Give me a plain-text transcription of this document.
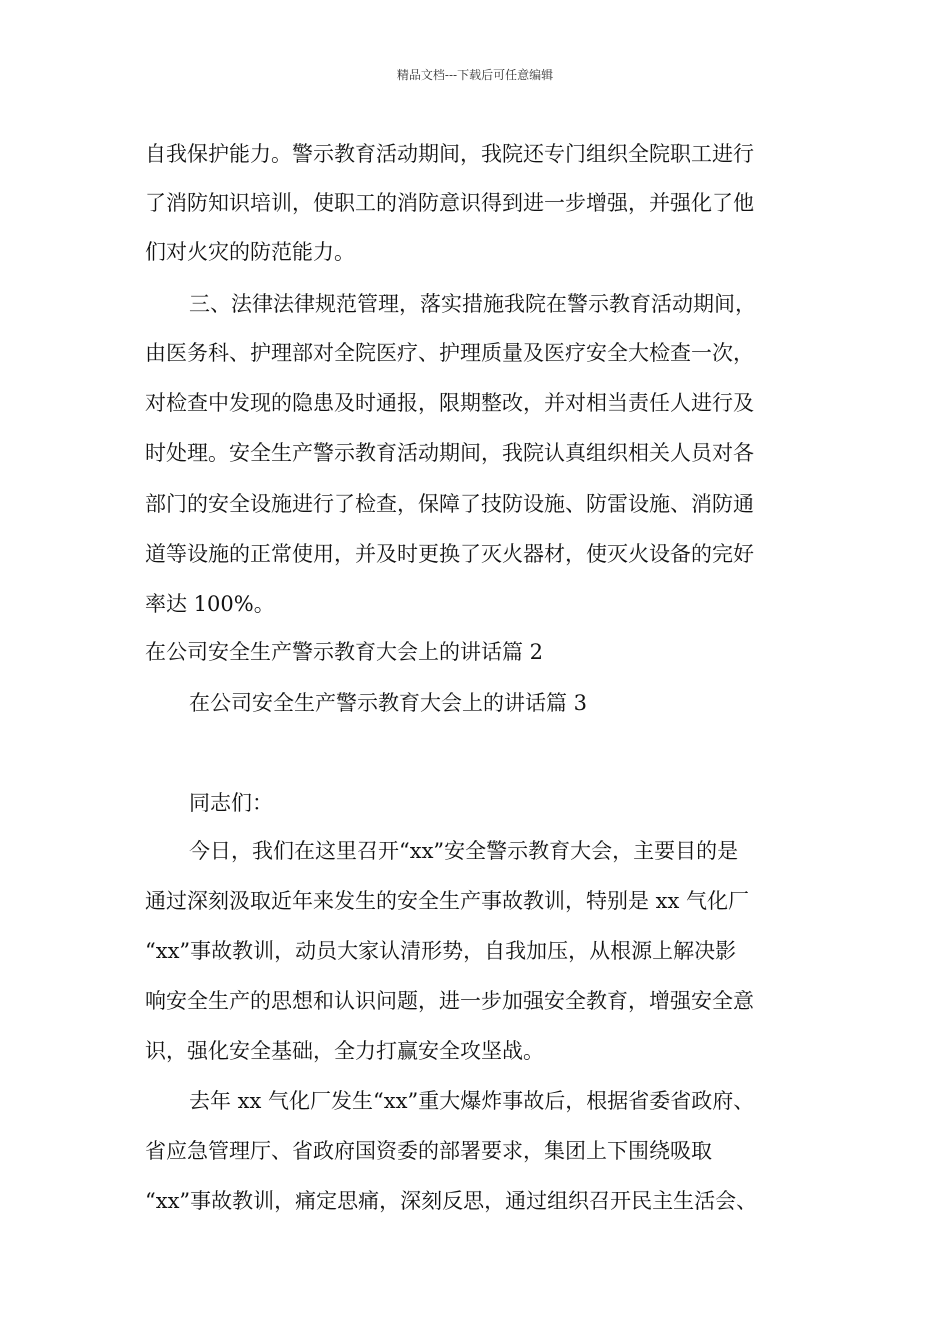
精品文档---下载后可任意编辑
自我保护能力。警示教育活动期间，我院还专门组织全院职工进行
了消防知识培训，使职工的消防意识得到进一步增强，并强化了他
们对火灾的防范能力。
三、法律法律规范管理，落实措施我院在警示教育活动期间，
由医务科、护理部对全院医疗、护理质量及医疗安全大检查一次，
对检查中发现的隐患及时通报，限期整改，并对相当责任人进行及
时处理。安全生产警示教育活动期间，我院认真组织相关人员对各
部门的安全设施进行了检查，保障了技防设施、防雷设施、消防通
道等设施的正常使用，并及时更换了灭火器材，使灭火设备的完好
率达 100%。
在公司安全生产警示教育大会上的讲话篇 2
在公司安全生产警示教育大会上的讲话篇 3
同志们：
今日，我们在这里召开“xx”安全警示教育大会，主要目的是
通过深刻汲取近年来发生的安全生产事故教训，特别是 xx 气化厂
“xx”事故教训，动员大家认清形势，自我加压，从根源上解决影
响安全生产的思想和认识问题，进一步加强安全教育，增强安全意
识，强化安全基础，全力打赢安全攻坚战。
去年 xx 气化厂发生“xx”重大爆炸事故后，根据省委省政府、
省应急管理厅、省政府国资委的部署要求，集团上下围绕吸取
“xx”事故教训，痛定思痛，深刻反思，通过组织召开民主生活会、
